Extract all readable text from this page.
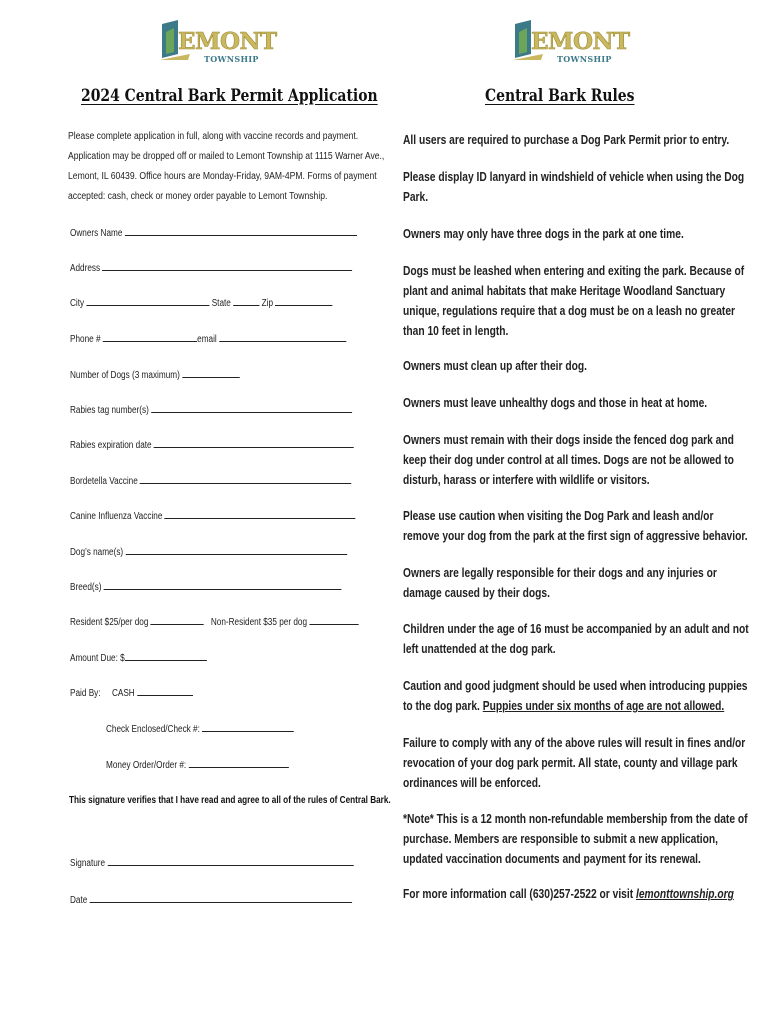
EMONT
TOWNSHIP
EMONT
TOWNSHIP
2024 Central Bark Permit Application	Central Bark Rules

Please complete application in full, along with vaccine records and payment.

Application may be dropped off or mailed to Lemont Township at 1115 Warner Ave.,

Lemont, IL 60439. Office hours are Monday-Friday, 9AM-4PM. Forms of payment

accepted: cash, check or money order payable to Lemont Township.

Owners Name
Address
City	State	Zip
Phone #	email
Number of Dogs (3 maximum)
Rabies tag number(s)
Rabies expiration date
Bordetella Vaccine
Canine Influenza Vaccine
Dog’s name(s)
Breed(s)
Resident $25/per dog	Non-Resident $35 per dog
Amount Due: $
Paid By: CASH
Check Enclosed/Check #:
Money Order/Order #:
This signature verifies that I have read and agree to all of the rules of Central Bark.
Signature
Date
All users are required to purchase a Dog Park Permit prior to entry.
Please display ID lanyard in windshield of vehicle when using the Dog
Park.
Owners may only have three dogs in the park at one time.
Dogs must be leashed when entering and exiting the park. Because of
plant and animal habitats that make Heritage Woodland Sanctuary
unique, regulations require that a dog must be on a leash no greater
than 10 feet in length.
Owners must clean up after their dog.
Owners must leave unhealthy dogs and those in heat at home.
Owners must remain with their dogs inside the fenced dog park and
keep their dog under control at all times. Dogs are not be allowed to
disturb, harass or interfere with wildlife or visitors.
Please use caution when visiting the Dog Park and leash and/or
remove your dog from the park at the first sign of aggressive behavior.
Owners are legally responsible for their dogs and any injuries or
damage caused by their dogs.
Children under the age of 16 must be accompanied by an adult and not
left unattended at the dog park.
Caution and good judgment should be used when introducing puppies
to the dog park. Puppies under six months of age are not allowed.
Failure to comply with any of the above rules will result in fines and/or
revocation of your dog park permit. All state, county and village park
ordinances will be enforced.
*Note* This is a 12 month non-refundable membership from the date of
purchase. Members are responsible to submit a new application,
updated vaccination documents and payment for its renewal.
For more information call (630)257-2522 or visit lemonttownship.org
